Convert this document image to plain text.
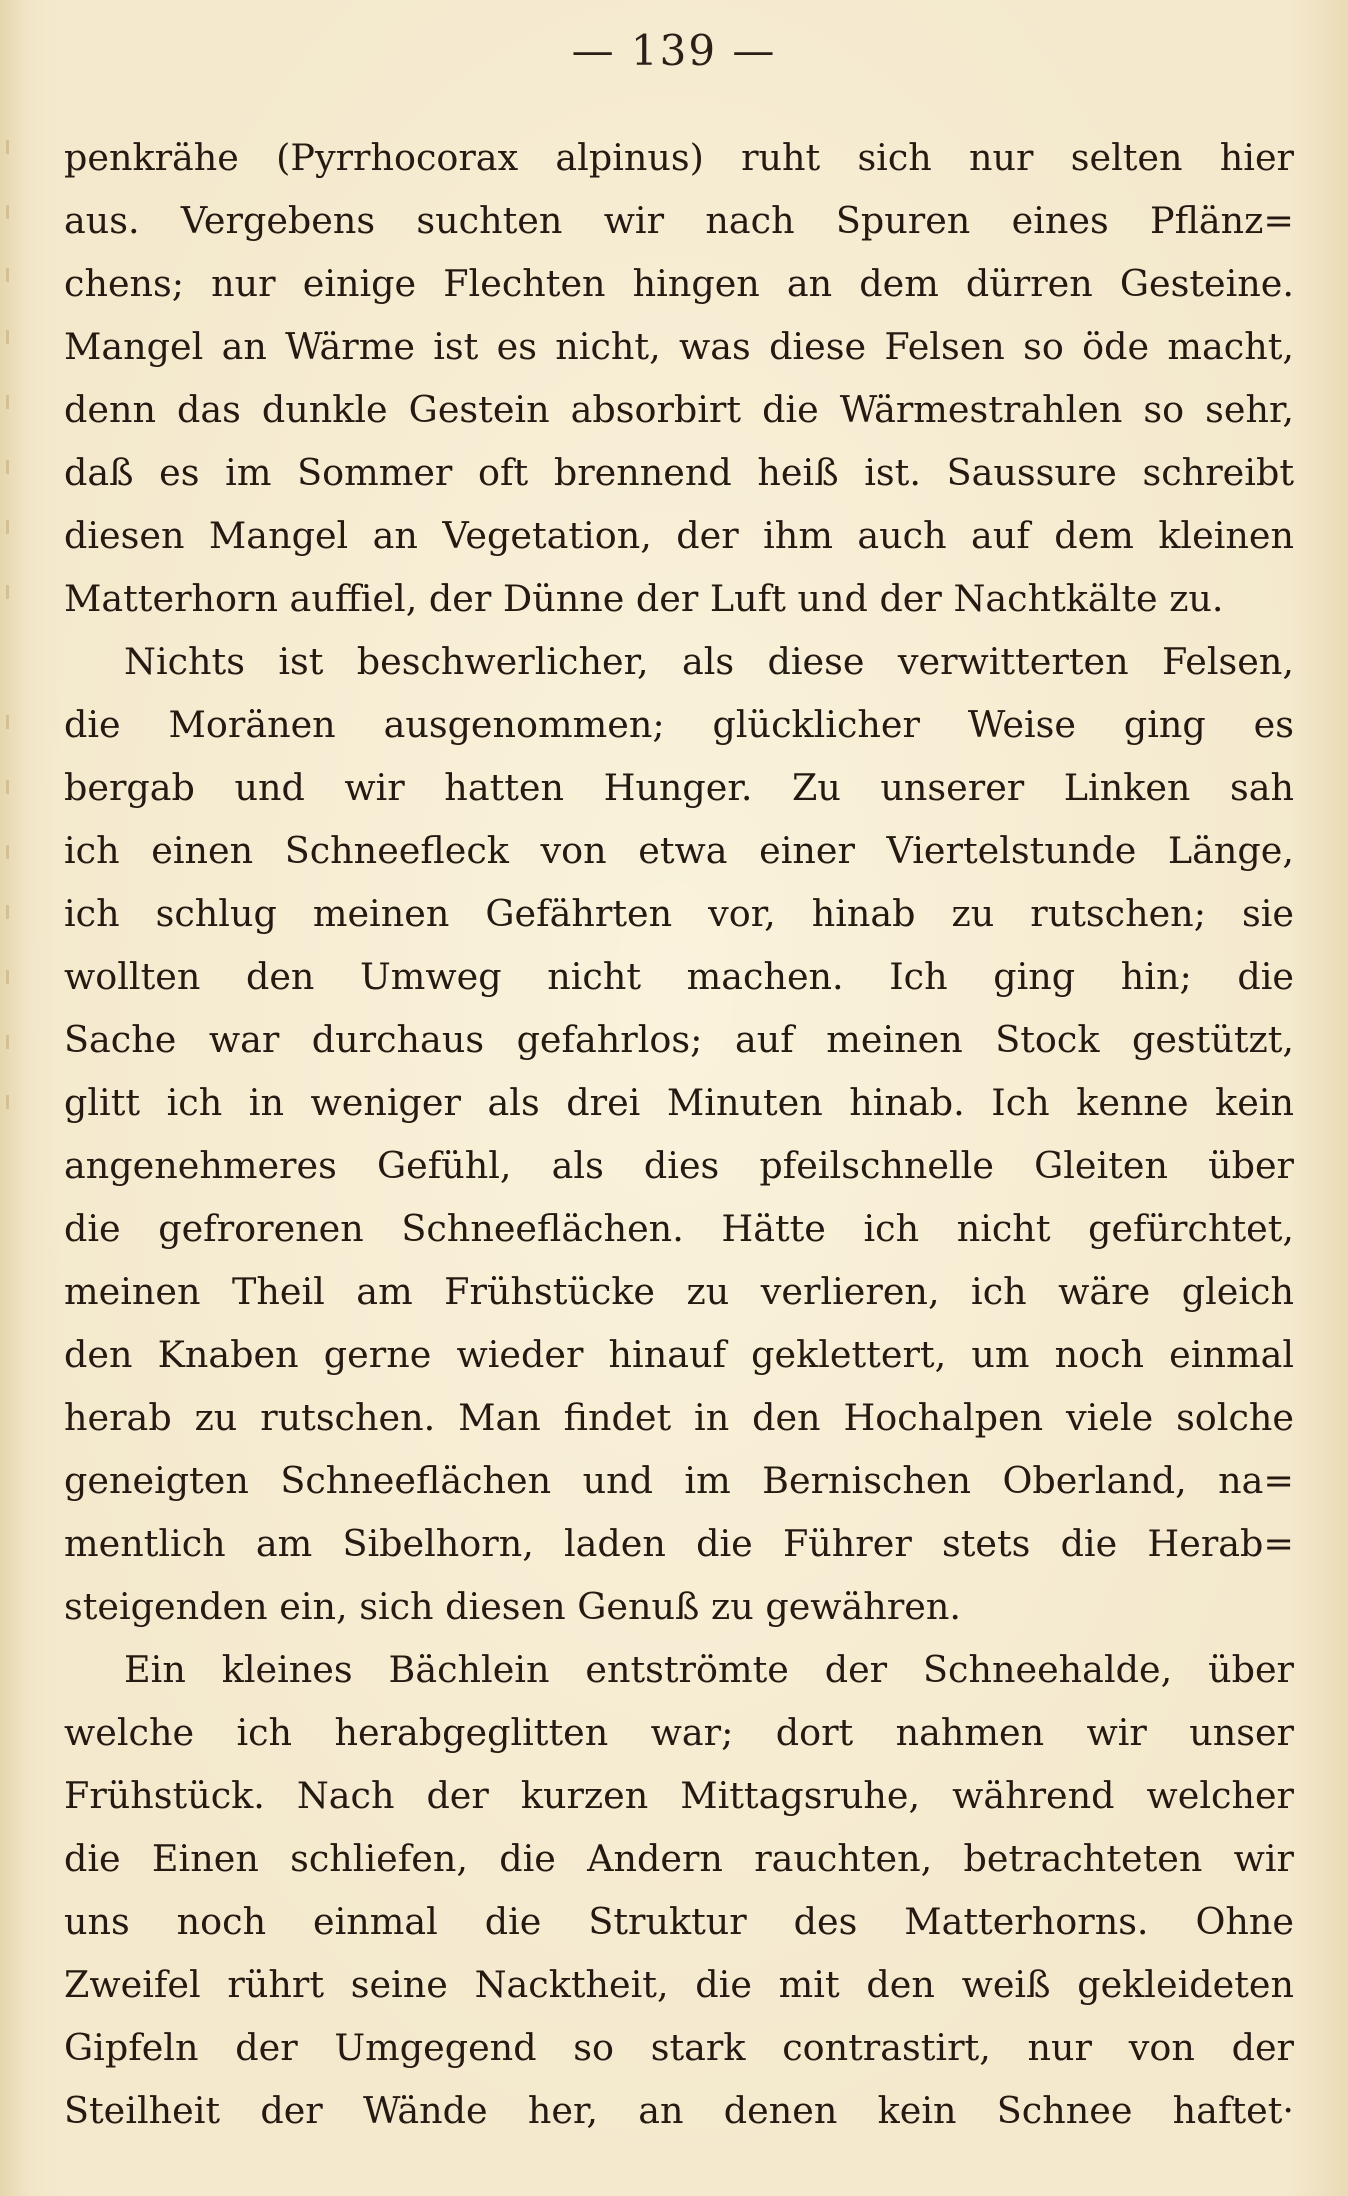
— 139 —
penkrähe (Pyrrhocorax alpinus) ruht sich nur selten hier
aus. Vergebens suchten wir nach Spuren eines Pflänz=
chens; nur einige Flechten hingen an dem dürren Gesteine.
Mangel an Wärme ist es nicht, was diese Felsen so öde macht,
denn das dunkle Gestein absorbirt die Wärmestrahlen so sehr,
daß es im Sommer oft brennend heiß ist. Saussure schreibt
diesen Mangel an Vegetation, der ihm auch auf dem kleinen
Matterhorn auffiel, der Dünne der Luft und der Nachtkälte zu.
Nichts ist beschwerlicher, als diese verwitterten Felsen,
die Moränen ausgenommen; glücklicher Weise ging es
bergab und wir hatten Hunger. Zu unserer Linken sah
ich einen Schneefleck von etwa einer Viertelstunde Länge,
ich schlug meinen Gefährten vor, hinab zu rutschen; sie
wollten den Umweg nicht machen. Ich ging hin; die
Sache war durchaus gefahrlos; auf meinen Stock gestützt,
glitt ich in weniger als drei Minuten hinab. Ich kenne kein
angenehmeres Gefühl, als dies pfeilschnelle Gleiten über
die gefrorenen Schneeflächen. Hätte ich nicht gefürchtet,
meinen Theil am Frühstücke zu verlieren, ich wäre gleich
den Knaben gerne wieder hinauf geklettert, um noch einmal
herab zu rutschen. Man findet in den Hochalpen viele solche
geneigten Schneeflächen und im Bernischen Oberland, na=
mentlich am Sibelhorn, laden die Führer stets die Herab=
steigenden ein, sich diesen Genuß zu gewähren.
Ein kleines Bächlein entströmte der Schneehalde, über
welche ich herabgeglitten war; dort nahmen wir unser
Frühstück. Nach der kurzen Mittagsruhe, während welcher
die Einen schliefen, die Andern rauchten, betrachteten wir
uns noch einmal die Struktur des Matterhorns. Ohne
Zweifel rührt seine Nacktheit, die mit den weiß gekleideten
Gipfeln der Umgegend so stark contrastirt, nur von der
Steilheit der Wände her, an denen kein Schnee haftet·
